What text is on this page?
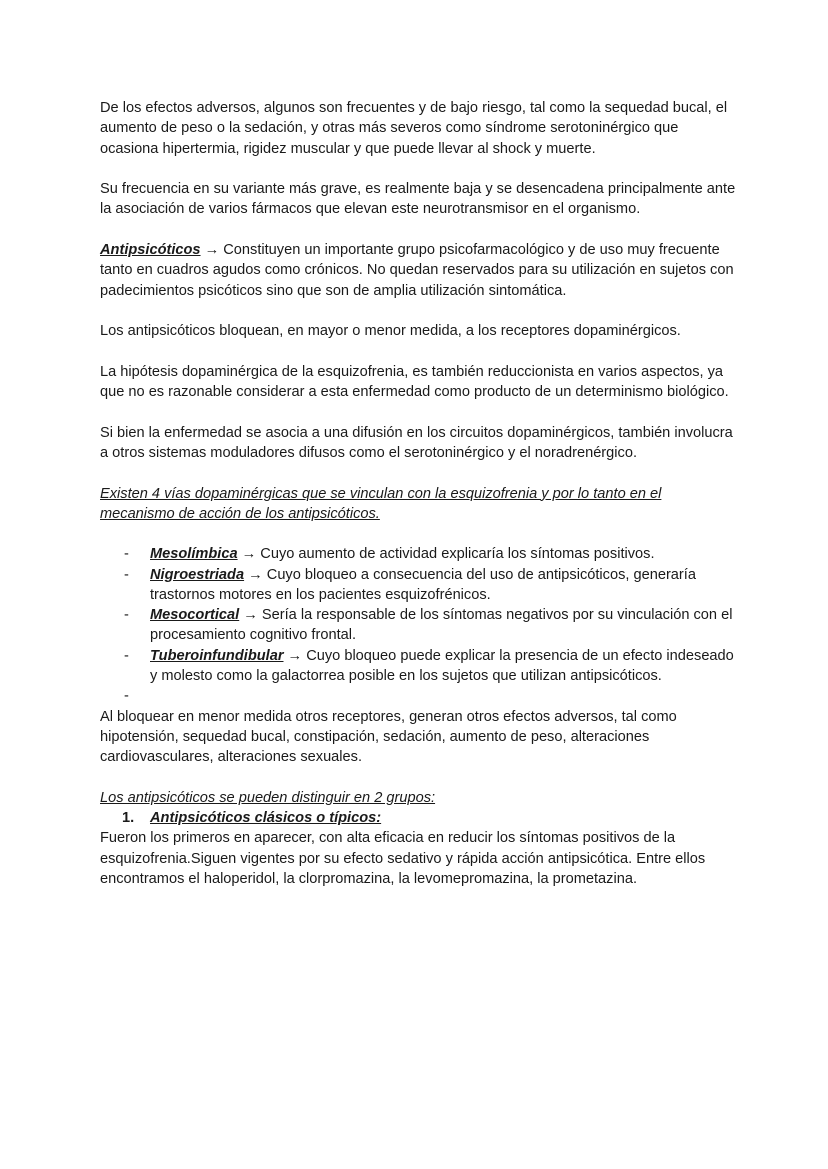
De los efectos adversos, algunos son frecuentes y de bajo riesgo, tal como la sequedad bucal, el aumento de peso o la sedación, y otras más severos como síndrome serotoninérgico que ocasiona hipertermia, rigidez muscular y que puede llevar al shock y muerte.

Su frecuencia en su variante más grave, es realmente baja y se desencadena principalmente ante la asociación de varios fármacos que elevan este neurotransmisor en el organismo.

Antipsicóticos → Constituyen un importante grupo psicofarmacológico y de uso muy frecuente tanto en cuadros agudos como crónicos. No quedan reservados para su utilización en sujetos con padecimientos psicóticos sino que son de amplia utilización sintomática.

Los antipsicóticos bloquean, en mayor o menor medida, a los receptores dopaminérgicos.

La hipótesis dopaminérgica de la esquizofrenia, es también reduccionista en varios aspectos, ya que no es razonable considerar a esta enfermedad como producto de un determinismo biológico.

Si bien la enfermedad se asocia a una difusión en los circuitos dopaminérgicos, también involucra a otros sistemas moduladores difusos como el serotoninérgico y el noradrenérgico.

Existen 4 vías dopaminérgicas que se vinculan con la esquizofrenia y por lo tanto en el mecanismo de acción de los antipsicóticos.

- Mesolímbica → Cuyo aumento de actividad explicaría los síntomas positivos.
- Nigroestriada → Cuyo bloqueo a consecuencia del uso de antipsicóticos, generaría trastornos motores en los pacientes esquizofrénicos.
- Mesocortical → Sería la responsable de los síntomas negativos por su vinculación con el procesamiento cognitivo frontal.
- Tuberoinfundibular → Cuyo bloqueo puede explicar la presencia de un efecto indeseado y molesto como la galactorrea posible en los sujetos que utilizan antipsicóticos.
-

Al bloquear en menor medida otros receptores, generan otros efectos adversos, tal como hipotensión, sequedad bucal, constipación, sedación, aumento de peso, alteraciones cardiovasculares, alteraciones sexuales.

Los antipsicóticos se pueden distinguir en 2 grupos:

1. Antipsicóticos clásicos o típicos:

Fueron los primeros en aparecer, con alta eficacia en reducir los síntomas positivos de la esquizofrenia.Siguen vigentes por su efecto sedativo y rápida acción antipsicótica. Entre ellos encontramos el haloperidol, la clorpromazina, la levomepromazina, la prometazina.
